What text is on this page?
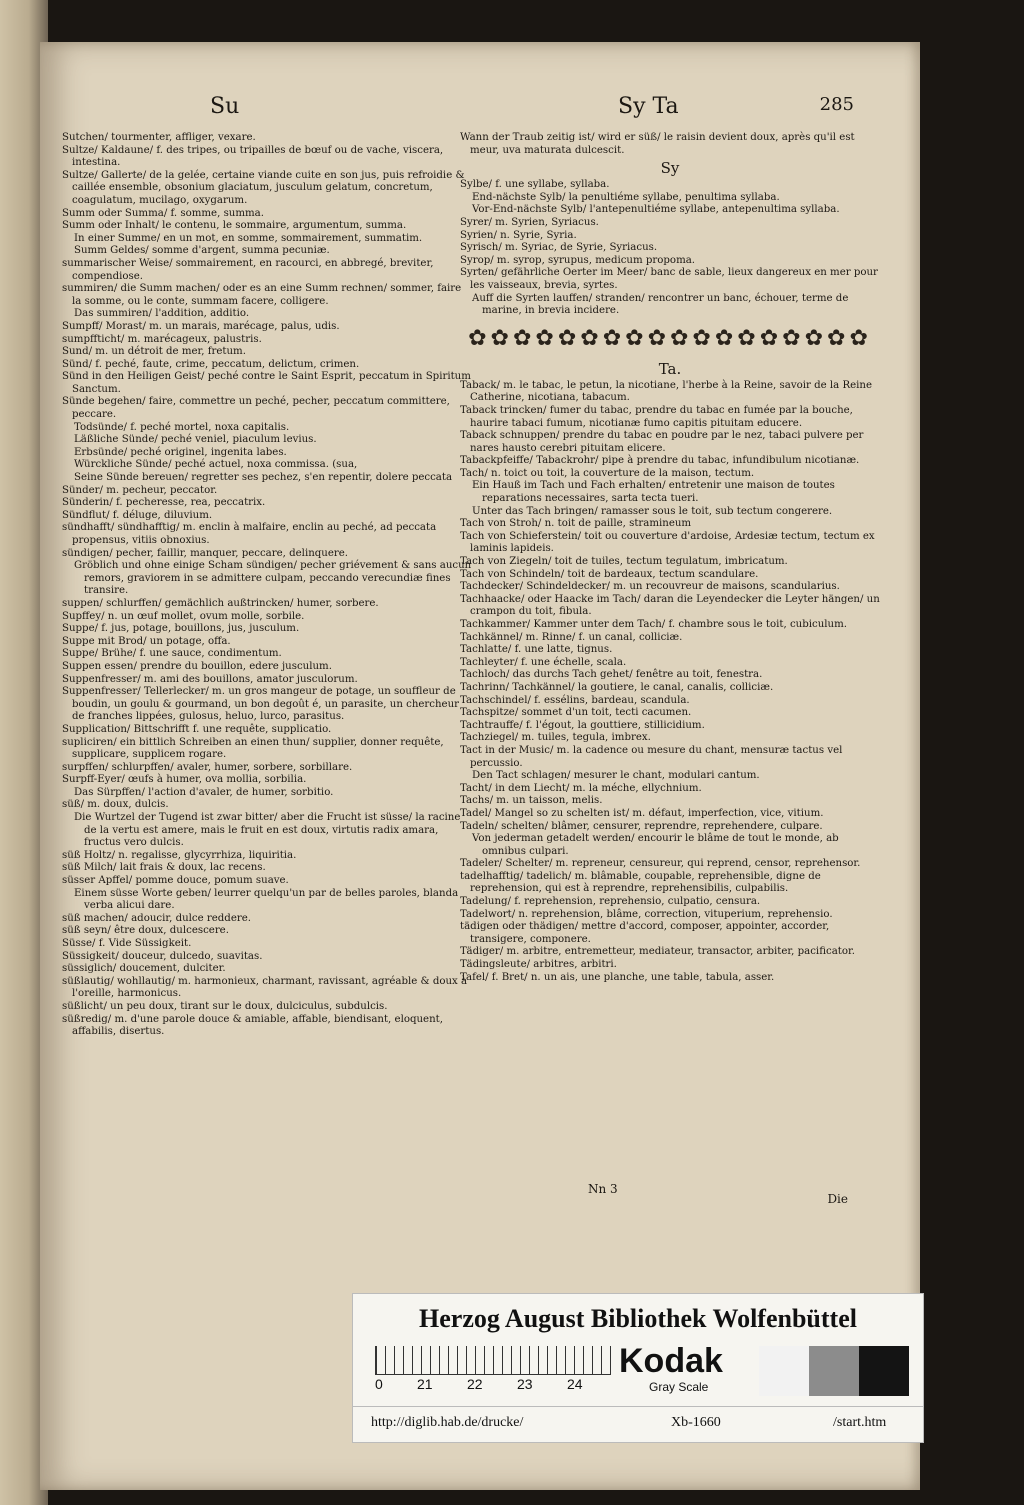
Su	Sy Ta	285

Sutchen/ tourmenter, affliger, vexare.

Sultze/ Kaldaune/ f. des tripes, ou tripailles de bœuf ou de vache, viscera, intestina.

Sultze/ Gallerte/ de la gelée, certaine viande cuite en son jus, puis refroidie & caillée ensemble, obsonium glaciatum, jusculum gelatum, concretum, coagulatum, mucilago, oxygarum.

Summ oder Summa/ f. somme, summa.

Summ oder Inhalt/ le contenu, le sommaire, argumentum, summa.

In einer Summe/ en un mot, en somme, sommairement, summatim.

Summ Geldes/ somme d'argent, summa pecuniæ.

summarischer Weise/ sommairement, en racourci, en abbregé, breviter, compendiose.

summiren/ die Summ machen/ oder es an eine Summ rechnen/ sommer, faire la somme, ou le conte, summam facere, colligere.

Das summiren/ l'addition, additio.

Sumpff/ Morast/ m. un marais, marécage, palus, udis.

sumpffticht/ m. marécageux, palustris.

Sund/ m. un détroit de mer, fretum.

Sünd/ f. peché, faute, crime, peccatum, delictum, crimen.

Sünd in den Heiligen Geist/ peché contre le Saint Esprit, peccatum in Spiritum Sanctum.

Sünde begehen/ faire, commettre un peché, pecher, peccatum committere, peccare.

Todsünde/ f. peché mortel, noxa capitalis.

Läßliche Sünde/ peché veniel, piaculum levius.

Erbsünde/ peché originel, ingenita labes.

Würckliche Sünde/ peché actuel, noxa commissa. (sua,

Seine Sünde bereuen/ regretter ses pechez, s'en repentir, dolere peccata

Sünder/ m. pecheur, peccator.

Sünderin/ f. pecheresse, rea, peccatrix.

Sündflut/ f. déluge, diluvium.

sündhafft/ sündhafftig/ m. enclin à malfaire, enclin au peché, ad peccata propensus, vitiis obnoxius.

sündigen/ pecher, faillir, manquer, peccare, delinquere.

Gröblich und ohne einige Scham sündigen/ pecher griévement & sans aucun remors, graviorem in se admittere culpam, peccando verecundiæ fines transire.

suppen/ schlurffen/ gemächlich außtrincken/ humer, sorbere.

Supffey/ n. un œuf mollet, ovum molle, sorbile.

Suppe/ f. jus, potage, bouillons, jus, jusculum.

Suppe mit Brod/ un potage, offa.

Suppe/ Brühe/ f. une sauce, condimentum.

Suppen essen/ prendre du bouillon, edere jusculum.

Suppenfresser/ m. ami des bouillons, amator jusculorum.

Suppenfresser/ Tellerlecker/ m. un gros mangeur de potage, un souffleur de boudin, un goulu & gourmand, un bon degoût é, un parasite, un chercheur de franches lippées, gulosus, heluo, lurco, parasitus.

Supplication/ Bittschrifft f. une requête, supplicatio.

supliciren/ ein bittlich Schreiben an einen thun/ supplier, donner requête, supplicare, supplicem rogare.

surpffen/ schlurpffen/ avaler, humer, sorbere, sorbillare.

Surpff-Eyer/ œufs à humer, ova mollia, sorbilia.

Das Sürpffen/ l'action d'avaler, de humer, sorbitio.

süß/ m. doux, dulcis.

Die Wurtzel der Tugend ist zwar bitter/ aber die Frucht ist süsse/ la racine de la vertu est amere, mais le fruit en est doux, virtutis radix amara, fructus vero dulcis.

süß Holtz/ n. regalisse, glycyrrhiza, liquiritia.

süß Milch/ lait frais & doux, lac recens.

süsser Apffel/ pomme douce, pomum suave.

Einem süsse Worte geben/ leurrer quelqu'un par de belles paroles, blanda verba alicui dare.

süß machen/ adoucir, dulce reddere.

süß seyn/ être doux, dulcescere.

Süsse/ f. Vide Süssigkeit.

Süssigkeit/ douceur, dulcedo, suavitas.

süssiglich/ doucement, dulciter.

süßlautig/ wohllautig/ m. harmonieux, charmant, ravissant, agréable & doux à l'oreille, harmonicus.

süßlicht/ un peu doux, tirant sur le doux, dulciculus, subdulcis.

süßredig/ m. d'une parole douce & amiable, affable, biendisant, eloquent, affabilis, disertus.

Wann der Traub zeitig ist/ wird er süß/ le raisin devient doux, après qu'il est meur, uva maturata dulcescit.

Sy

Sylbe/ f. une syllabe, syllaba.

End-nächste Sylb/ la penultiéme syllabe, penultima syllaba.

Vor-End-nächste Sylb/ l'antepenultiéme syllabe, antepenultima syllaba.

Syrer/ m. Syrien, Syriacus.

Syrien/ n. Syrie, Syria.

Syrisch/ m. Syriac, de Syrie, Syriacus.

Syrop/ m. syrop, syrupus, medicum propoma.

Syrten/ gefährliche Oerter im Meer/ banc de sable, lieux dangereux en mer pour les vaisseaux, brevia, syrtes.

Auff die Syrten lauffen/ stranden/ rencontrer un banc, échouer, terme de marine, in brevia incidere.

✿✿✿✿✿✿✿✿✿✿✿✿✿✿✿✿✿✿
Ta.

Taback/ m. le tabac, le petun, la nicotiane, l'herbe à la Reine, savoir de la Reine Catherine, nicotiana, tabacum.

Taback trincken/ fumer du tabac, prendre du tabac en fumée par la bouche, haurire tabaci fumum, nicotianæ fumo capitis pituitam educere.

Taback schnuppen/ prendre du tabac en poudre par le nez, tabaci pulvere per nares hausto cerebri pituitam elicere.

Tabackpfeiffe/ Tabackrohr/ pipe à prendre du tabac, infundibulum nicotianæ.

Tach/ n. toict ou toit, la couverture de la maison, tectum.

Ein Hauß im Tach und Fach erhalten/ entretenir une maison de toutes reparations necessaires, sarta tecta tueri.

Unter das Tach bringen/ ramasser sous le toit, sub tectum congerere.

Tach von Stroh/ n. toit de paille, stramineum

Tach von Schieferstein/ toit ou couverture d'ardoise, Ardesiæ tectum, tectum ex laminis lapideis.

Tach von Ziegeln/ toit de tuiles, tectum tegulatum, imbricatum.

Tach von Schindeln/ toit de bardeaux, tectum scandulare.

Tachdecker/ Schindeldecker/ m. un recouvreur de maisons, scandularius.

Tachhaacke/ oder Haacke im Tach/ daran die Leyendecker die Leyter hängen/ un crampon du toit, fibula.

Tachkammer/ Kammer unter dem Tach/ f. chambre sous le toit, cubiculum.

Tachkännel/ m. Rinne/ f. un canal, colliciæ.

Tachlatte/ f. une latte, tignus.

Tachleyter/ f. une échelle, scala.

Tachloch/ das durchs Tach gehet/ fenêtre au toit, fenestra.

Tachrinn/ Tachkännel/ la goutiere, le canal, canalis, colliciæ.

Tachschindel/ f. essélins, bardeau, scandula.

Tachspitze/ sommet d'un toit, tecti cacumen.

Tachtrauffe/ f. l'égout, la gouttiere, stillicidium.

Tachziegel/ m. tuiles, tegula, imbrex.

Tact in der Music/ m. la cadence ou mesure du chant, mensuræ tactus vel percussio.

Den Tact schlagen/ mesurer le chant, modulari cantum.

Tacht/ in dem Liecht/ m. la méche, ellychnium.

Tachs/ m. un taisson, melis.

Tadel/ Mangel so zu schelten ist/ m. défaut, imperfection, vice, vitium.

Tadeln/ schelten/ blâmer, censurer, reprendre, reprehendere, culpare.

Von jederman getadelt werden/ encourir le blâme de tout le monde, ab omnibus culpari.

Tadeler/ Schelter/ m. repreneur, censureur, qui reprend, censor, reprehensor.

tadelhafftig/ tadelich/ m. blâmable, coupable, reprehensible, digne de reprehension, qui est à reprendre, reprehensibilis, culpabilis.

Tadelung/ f. reprehension, reprehensio, culpatio, censura.

Tadelwort/ n. reprehension, blâme, correction, vituperium, reprehensio.

tädigen oder thädigen/ mettre d'accord, composer, appointer, accorder, transigere, componere.

Tädiger/ m. arbitre, entremetteur, mediateur, transactor, arbiter, pacificator.

Tädingsleute/ arbitres, arbitri.

Tafel/ f. Bret/ n. un ais, une planche, une table, tabula, asser.

Nn 3
Die
Herzog August Bibliothek Wolfenbüttel
0 21 22 23 24
Kodak
Gray Scale
http://diglib.hab.de/drucke/	Xb-1660	/start.htm
